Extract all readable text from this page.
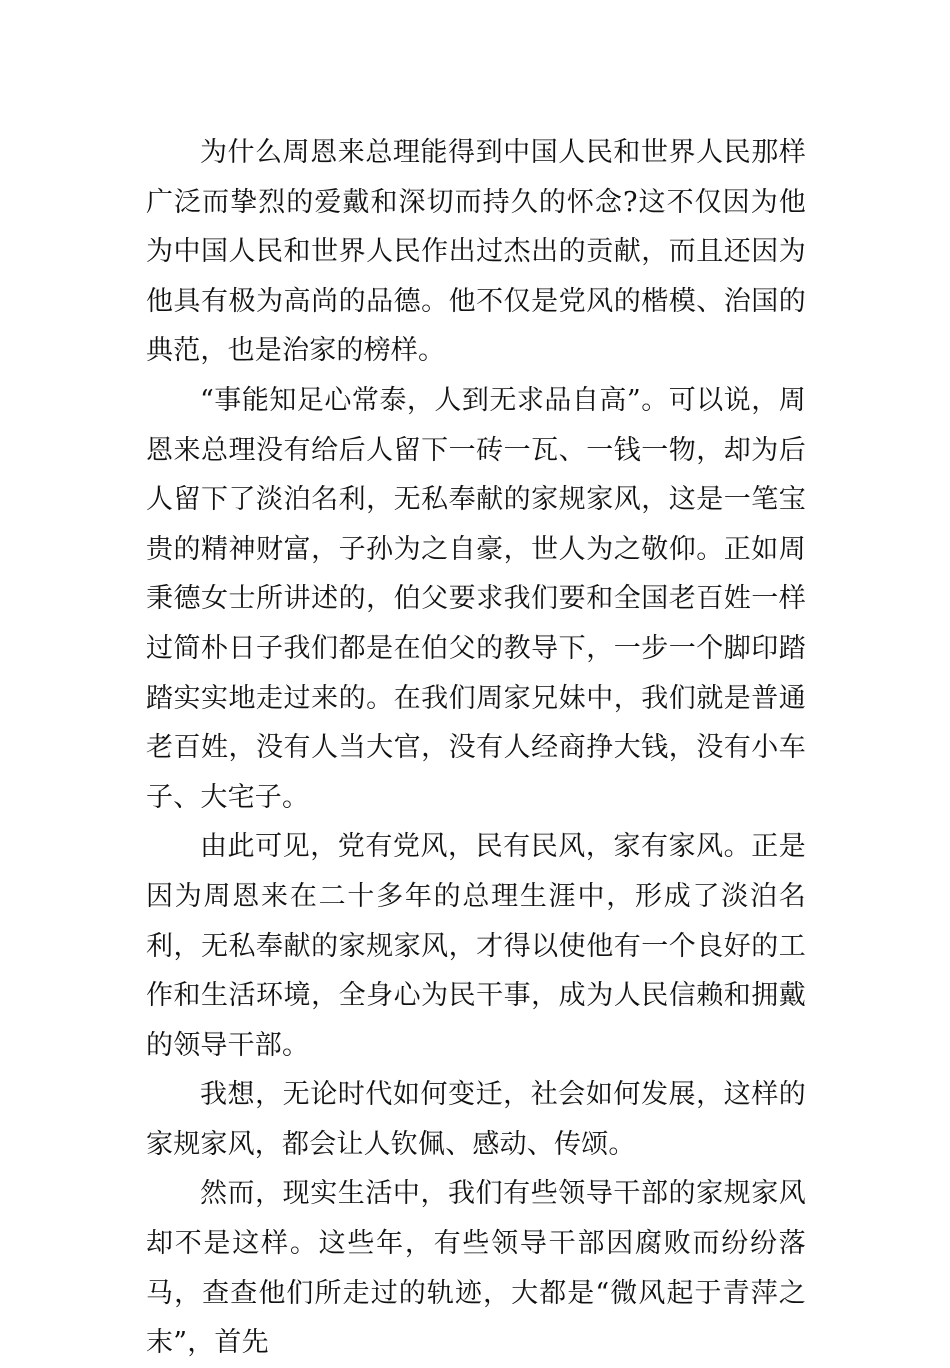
为什么周恩来总理能得到中国人民和世界人民那样广泛而挚烈的爱戴和深切而持久的怀念?这不仅因为他为中国人民和世界人民作出过杰出的贡献，而且还因为他具有极为高尚的品德。他不仅是党风的楷模、治国的典范，也是治家的榜样。

“事能知足心常泰，人到无求品自高”。可以说，周恩来总理没有给后人留下一砖一瓦、一钱一物，却为后人留下了淡泊名利，无私奉献的家规家风，这是一笔宝贵的精神财富，子孙为之自豪，世人为之敬仰。正如周秉德女士所讲述的，伯父要求我们要和全国老百姓一样过简朴日子我们都是在伯父的教导下，一步一个脚印踏踏实实地走过来的。在我们周家兄妹中，我们就是普通老百姓，没有人当大官，没有人经商挣大钱，没有小车子、大宅子。

由此可见，党有党风，民有民风，家有家风。正是因为周恩来在二十多年的总理生涯中，形成了淡泊名利，无私奉献的家规家风，才得以使他有一个良好的工作和生活环境，全身心为民干事，成为人民信赖和拥戴的领导干部。

我想，无论时代如何变迁，社会如何发展，这样的家规家风，都会让人钦佩、感动、传颂。

然而，现实生活中，我们有些领导干部的家规家风却不是这样。这些年，有些领导干部因腐败而纷纷落马，查查他们所走过的轨迹，大都是“微风起于青萍之末”，首先
